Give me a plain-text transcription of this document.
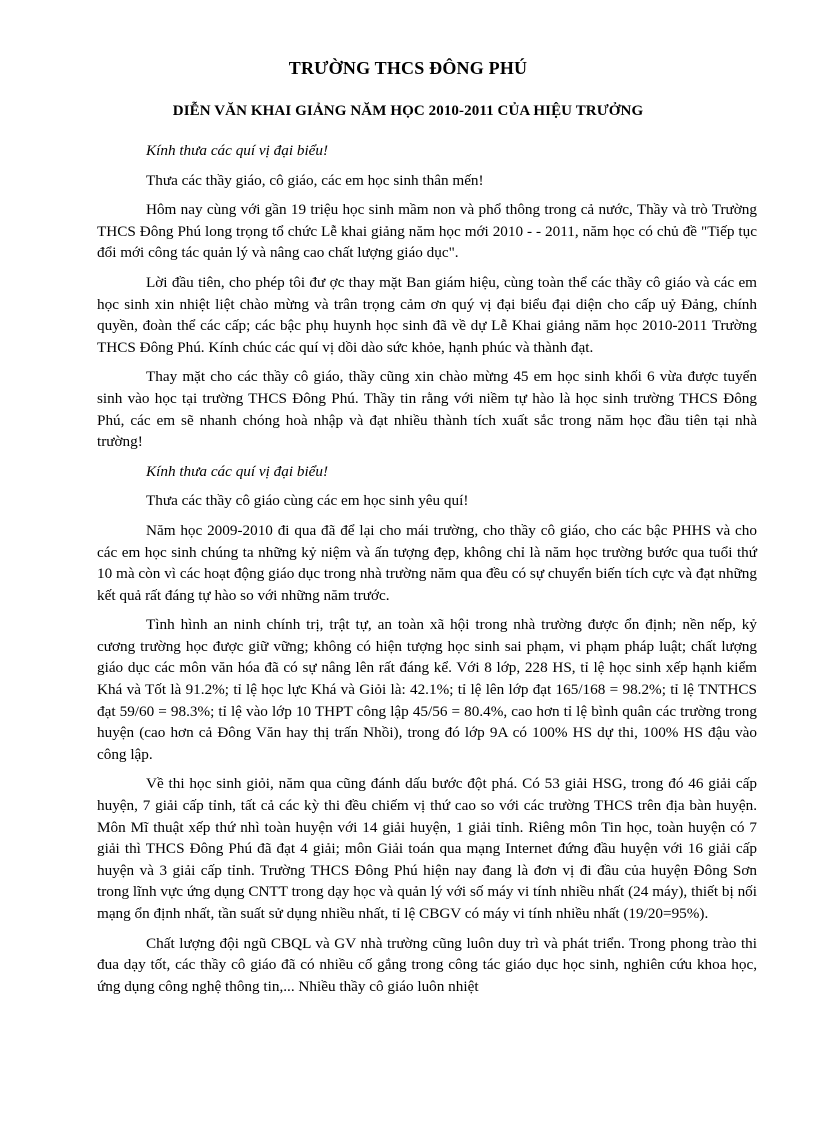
TRƯỜNG THCS ĐÔNG PHÚ
DIỄN VĂN KHAI GIẢNG NĂM HỌC 2010-2011 CỦA HIỆU TRƯỞNG

Kính thưa các quí vị đại biểu!

Thưa các thầy giáo, cô giáo, các em học sinh thân mến!

Hôm nay cùng với gần 19 triệu học sinh mầm non và phổ thông trong cả nước, Thầy và trò Trường THCS Đông Phú long trọng tổ chức Lễ khai giảng năm học mới 2010 - - 2011, năm học có chủ đề "Tiếp tục đổi mới công tác quản lý và nâng cao chất lượng giáo dục".

Lời đầu tiên, cho phép tôi đư ợc thay mặt Ban giám hiệu, cùng toàn thể các thầy cô giáo và các em học sinh xin nhiệt liệt chào mừng và trân trọng cảm ơn quý vị đại biểu đại diện cho cấp uỷ Đảng, chính quyền, đoàn thể các cấp; các bậc phụ huynh học sinh đã về dự Lễ Khai giảng năm học 2010-2011 Trường THCS Đông Phú. Kính chúc các quí vị dồi dào sức khỏe, hạnh phúc và thành đạt.

Thay mặt cho các thầy cô giáo, thầy cũng xin chào mừng 45 em học sinh khối 6 vừa được tuyển sinh vào học tại trường THCS Đông Phú. Thầy tin rằng với niềm tự hào là học sinh trường THCS Đông Phú, các em sẽ nhanh chóng hoà nhập và đạt nhiều thành tích xuất sắc trong năm học đầu tiên tại nhà trường!

Kính thưa các quí vị đại biểu!

Thưa các thầy cô giáo cùng các em học sinh yêu quí!

Năm học 2009-2010 đi qua đã để lại cho mái trường, cho thầy cô giáo, cho các bậc PHHS và cho các em học sinh chúng ta những kỷ niệm và ấn tượng đẹp, không chỉ là năm học trường bước qua tuổi thứ 10 mà còn vì các hoạt động giáo dục trong nhà trường năm qua đều có sự chuyển biến tích cực và đạt những kết quả rất đáng tự hào so với những năm trước.

Tình hình an ninh chính trị, trật tự, an toàn xã hội trong nhà trường được ổn định; nền nếp, kỷ cương trường học được giữ vững; không có hiện tượng học sinh sai phạm, vi phạm pháp luật; chất lượng giáo dục các môn văn hóa đã có sự nâng lên rất đáng kể. Với 8 lớp, 228 HS, tỉ lệ học sinh xếp hạnh kiểm Khá và Tốt là 91.2%; tỉ lệ học lực Khá và Giỏi là: 42.1%; tỉ lệ lên lớp đạt 165/168 = 98.2%; tỉ lệ TNTHCS đạt 59/60 = 98.3%; tỉ lệ vào lớp 10 THPT công lập 45/56 = 80.4%, cao hơn tỉ lệ bình quân các trường trong huyện (cao hơn cả Đông Văn hay thị trấn Nhồi), trong đó lớp 9A có 100% HS dự thi, 100% HS đậu vào công lập.

Về thi học sinh giỏi, năm qua cũng đánh dấu bước đột phá. Có 53 giải HSG, trong đó 46 giải cấp huyện, 7 giải cấp tỉnh, tất cả các kỳ thi đều chiếm vị thứ cao so với các trường THCS trên địa bàn huyện. Môn Mĩ thuật xếp thứ nhì toàn huyện với 14 giải huyện, 1 giải tỉnh. Riêng môn Tin học, toàn huyện có 7 giải thì THCS Đông Phú đã đạt 4 giải; môn Giải toán qua mạng Internet đứng đầu huyện với 16 giải cấp huyện và 3 giải cấp tỉnh. Trường THCS Đông Phú hiện nay đang là đơn vị đi đầu của huyện Đông Sơn trong lĩnh vực ứng dụng CNTT trong dạy học và quản lý với số máy vi tính nhiều nhất (24 máy), thiết bị nối mạng ổn định nhất, tần suất sử dụng nhiều nhất, tỉ lệ CBGV có máy vi tính nhiều nhất (19/20=95%).

Chất lượng đội ngũ CBQL và GV nhà trường cũng luôn duy trì và phát triển. Trong phong trào thi đua dạy tốt, các thầy cô giáo đã có nhiều cố gắng trong công tác giáo dục học sinh, nghiên cứu khoa học, ứng dụng công nghệ thông tin,... Nhiều thầy cô giáo luôn nhiệt
